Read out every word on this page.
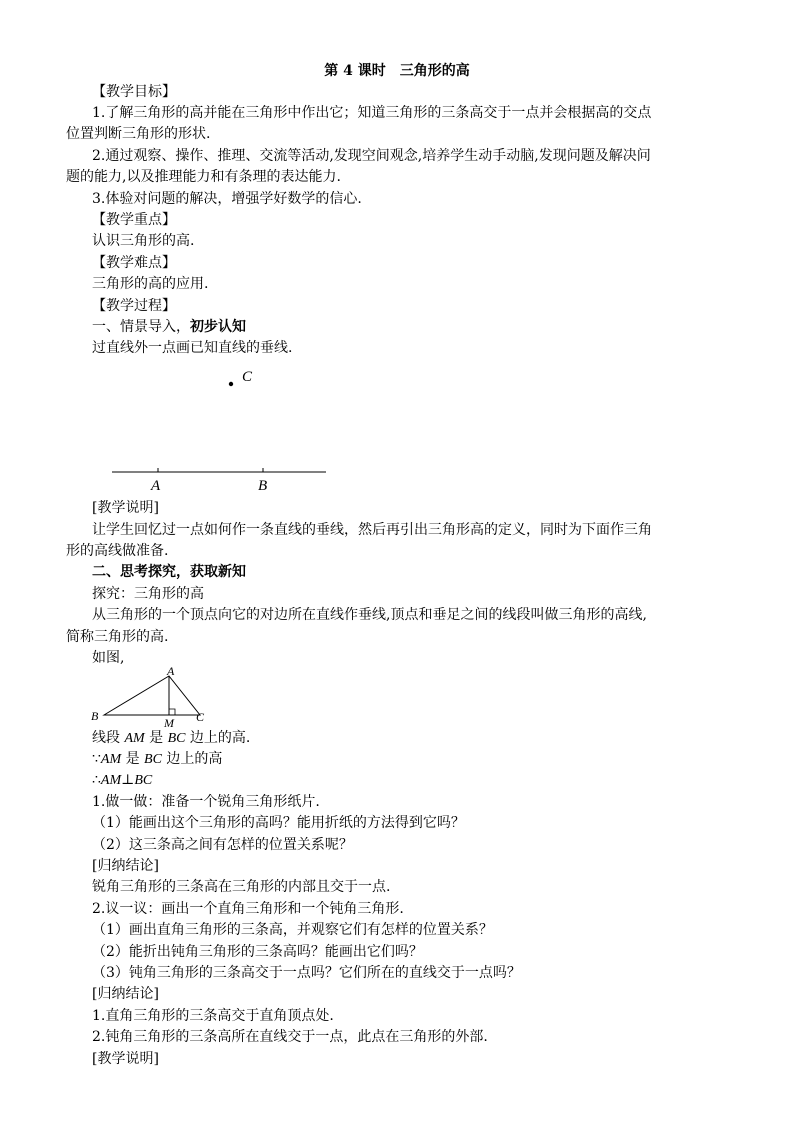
第 4 课时　三角形的高
【教学目标】
1.了解三角形的高并能在三角形中作出它；知道三角形的三条高交于一点并会根据高的交点
位置判断三角形的形状.
2.通过观察、操作、推理、交流等活动,发现空间观念,培养学生动手动脑,发现问题及解决问
题的能力,以及推理能力和有条理的表达能力.
3.体验对问题的解决，增强学好数学的信心.
【教学重点】
认识三角形的高.
【教学难点】
三角形的高的应用.
【教学过程】
一、情景导入，初步认知
过直线外一点画已知直线的垂线.
C
A	B
[教学说明]
让学生回忆过一点如何作一条直线的垂线，然后再引出三角形高的定义，同时为下面作三角
形的高线做准备.
二、思考探究，获取新知
探究：三角形的高
从三角形的一个顶点向它的对边所在直线作垂线,顶点和垂足之间的线段叫做三角形的高线,
简称三角形的高.
如图,
A
B	M C
线段 AM 是 BC 边上的高.
∵AM 是 BC 边上的高
∴AM⊥BC
1.做一做：准备一个锐角三角形纸片.
（1）能画出这个三角形的高吗？能用折纸的方法得到它吗？
（2）这三条高之间有怎样的位置关系呢？
[归纳结论]
锐角三角形的三条高在三角形的内部且交于一点.
2.议一议：画出一个直角三角形和一个钝角三角形.
（1）画出直角三角形的三条高，并观察它们有怎样的位置关系？
（2）能折出钝角三角形的三条高吗？能画出它们吗？
（3）钝角三角形的三条高交于一点吗？它们所在的直线交于一点吗？
[归纳结论]
1.直角三角形的三条高交于直角顶点处.
2.钝角三角形的三条高所在直线交于一点，此点在三角形的外部.
[教学说明]
